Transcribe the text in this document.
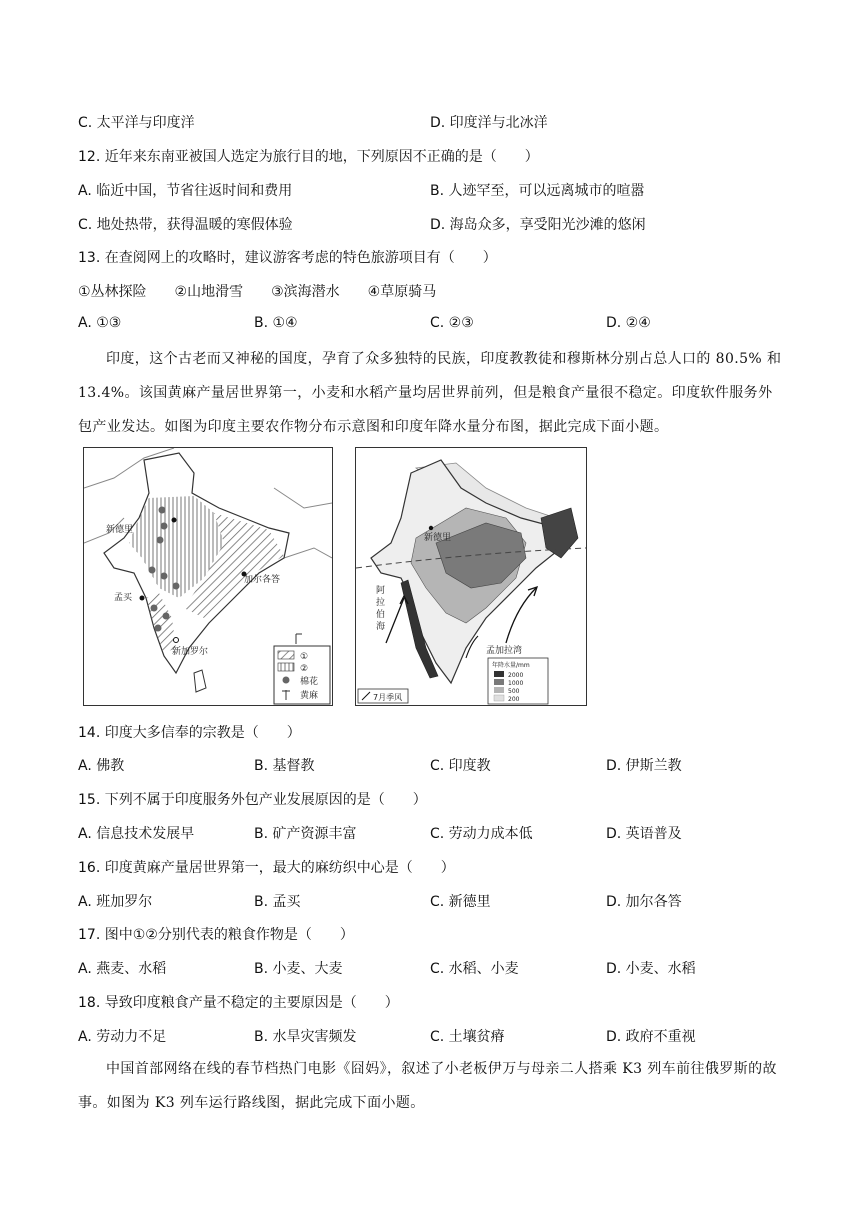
C. 太平洋与印度洋	D. 印度洋与北冰洋
12. 近年来东南亚被国人选定为旅行目的地，下列原因不正确的是（　　）
A. 临近中国，节省往返时间和费用	B. 人迹罕至，可以远离城市的喧嚣
C. 地处热带，获得温暖的寒假体验	D. 海岛众多，享受阳光沙滩的悠闲
13. 在查阅网上的攻略时，建议游客考虑的特色旅游项目有（　　）
①丛林探险　　②山地滑雪　　③滨海潜水　　④草原骑马
A. ①③	B. ①④	C. ②③	D. ②④

印度，这个古老而又神秘的国度，孕育了众多独特的民族，印度教教徒和穆斯林分别占总人口的 80.5% 和 13.4%。该国黄麻产量居世界第一，小麦和水稻产量均居世界前列，但是粮食产量很不稳定。印度软件服务外包产业发达。如图为印度主要农作物分布示意图和印度年降水量分布图，据此完成下面小题。

新德里
加尔各答
孟买
新加罗尔	①
②
棉花
黄麻
新德里
阿
拉
伯
海
孟加拉湾
年降水量/mm
2000
1000
500
200
7月季风
14. 印度大多信奉的宗教是（　　）
A. 佛教	B. 基督教	C. 印度教	D. 伊斯兰教
15. 下列不属于印度服务外包产业发展原因的是（　　）
A. 信息技术发展早	B. 矿产资源丰富	C. 劳动力成本低	D. 英语普及
16. 印度黄麻产量居世界第一，最大的麻纺织中心是（　　）
A. 班加罗尔	B. 孟买	C. 新德里	D. 加尔各答
17. 图中①②分别代表的粮食作物是（　　）
A. 燕麦、水稻	B. 小麦、大麦	C. 水稻、小麦	D. 小麦、水稻
18. 导致印度粮食产量不稳定的主要原因是（　　）
A. 劳动力不足	B. 水旱灾害频发	C. 土壤贫瘠	D. 政府不重视

中国首部网络在线的春节档热门电影《囧妈》，叙述了小老板伊万与母亲二人搭乘 K3 列车前往俄罗斯的故事。如图为 K3 列车运行路线图，据此完成下面小题。
